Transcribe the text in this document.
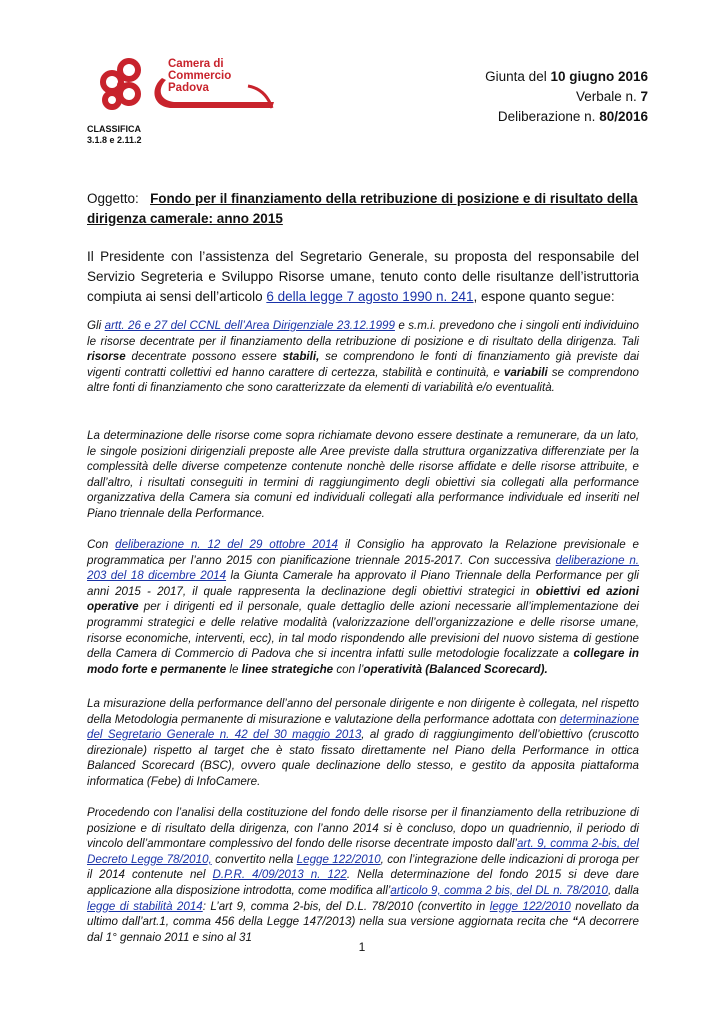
Camera di Commercio
Padova
CLASSIFICA
3.1.8 e 2.11.2
Giunta del 10 giugno 2016
Verbale n. 7
Deliberazione n. 80/2016
Oggetto: Fondo per il finanziamento della retribuzione di posizione e di risultato della dirigenza camerale: anno 2015
Il Presidente con l’assistenza del Segretario Generale, su proposta del responsabile del Servizio Segreteria e Sviluppo Risorse umane, tenuto conto delle risultanze dell’istruttoria compiuta ai sensi dell’articolo 6 della legge 7 agosto 1990 n. 241, espone quanto segue:
Gli artt. 26 e 27 del CCNL dell’Area Dirigenziale 23.12.1999 e s.m.i. prevedono che i singoli enti individuino le risorse decentrate per il finanziamento della retribuzione di posizione e di risultato della dirigenza. Tali risorse decentrate possono essere stabili, se comprendono le fonti di finanziamento già previste dai vigenti contratti collettivi ed hanno carattere di certezza, stabilità e continuità, e variabili se comprendono altre fonti di finanziamento che sono caratterizzate da elementi di variabilità e/o eventualità.
La determinazione delle risorse come sopra richiamate devono essere destinate a remunerare, da un lato, le singole posizioni dirigenziali preposte alle Aree previste dalla struttura organizzativa differenziate per la complessità delle diverse competenze contenute nonchè delle risorse affidate e delle risorse attribuite, e dall’altro, i risultati conseguiti in termini di raggiungimento degli obiettivi sia collegati alla performance organizzativa della Camera sia comuni ed individuali collegati alla performance individuale ed inseriti nel Piano triennale della Performance.
Con deliberazione n. 12 del 29 ottobre 2014 il Consiglio ha approvato la Relazione previsionale e programmatica per l’anno 2015 con pianificazione triennale 2015-2017. Con successiva deliberazione n. 203 del 18 dicembre 2014 la Giunta Camerale ha approvato il Piano Triennale della Performance per gli anni 2015 - 2017, il quale rappresenta la declinazione degli obiettivi strategici in obiettivi ed azioni operative per i dirigenti ed il personale, quale dettaglio delle azioni necessarie all’implementazione dei programmi strategici e delle relative modalità (valorizzazione dell’organizzazione e delle risorse umane, risorse economiche, interventi, ecc), in tal modo rispondendo alle previsioni del nuovo sistema di gestione della Camera di Commercio di Padova che si incentra infatti sulle metodologie focalizzate a collegare in modo forte e permanente le linee strategiche con l’operatività (Balanced Scorecard).
La misurazione della performance dell’anno del personale dirigente e non dirigente è collegata, nel rispetto della Metodologia permanente di misurazione e valutazione della performance adottata con determinazione del Segretario Generale n. 42 del 30 maggio 2013, al grado di raggiungimento dell’obiettivo (cruscotto direzionale) rispetto al target che è stato fissato direttamente nel Piano della Performance in ottica Balanced Scorecard (BSC), ovvero quale declinazione dello stesso, e gestito da apposita piattaforma informatica (Febe) di InfoCamere.
Procedendo con l’analisi della costituzione del fondo delle risorse per il finanziamento della retribuzione di posizione e di risultato della dirigenza, con l’anno 2014 si è concluso, dopo un quadriennio, il periodo di vincolo dell’ammontare complessivo del fondo delle risorse decentrate imposto dall’art. 9, comma 2-bis, del Decreto Legge 78/2010, convertito nella Legge 122/2010, con l’integrazione delle indicazioni di proroga per il 2014 contenute nel D.P.R. 4/09/2013 n. 122. Nella determinazione del fondo 2015 si deve dare applicazione alla disposizione introdotta, come modifica all’articolo 9, comma 2 bis, del DL n. 78/2010, dalla legge di stabilità 2014: L’art 9, comma 2-bis, del D.L. 78/2010 (convertito in legge 122/2010 novellato da ultimo dall’art.1, comma 456 della Legge 147/2013) nella sua versione aggiornata recita che “A decorrere dal 1° gennaio 2011 e sino al 31
1
